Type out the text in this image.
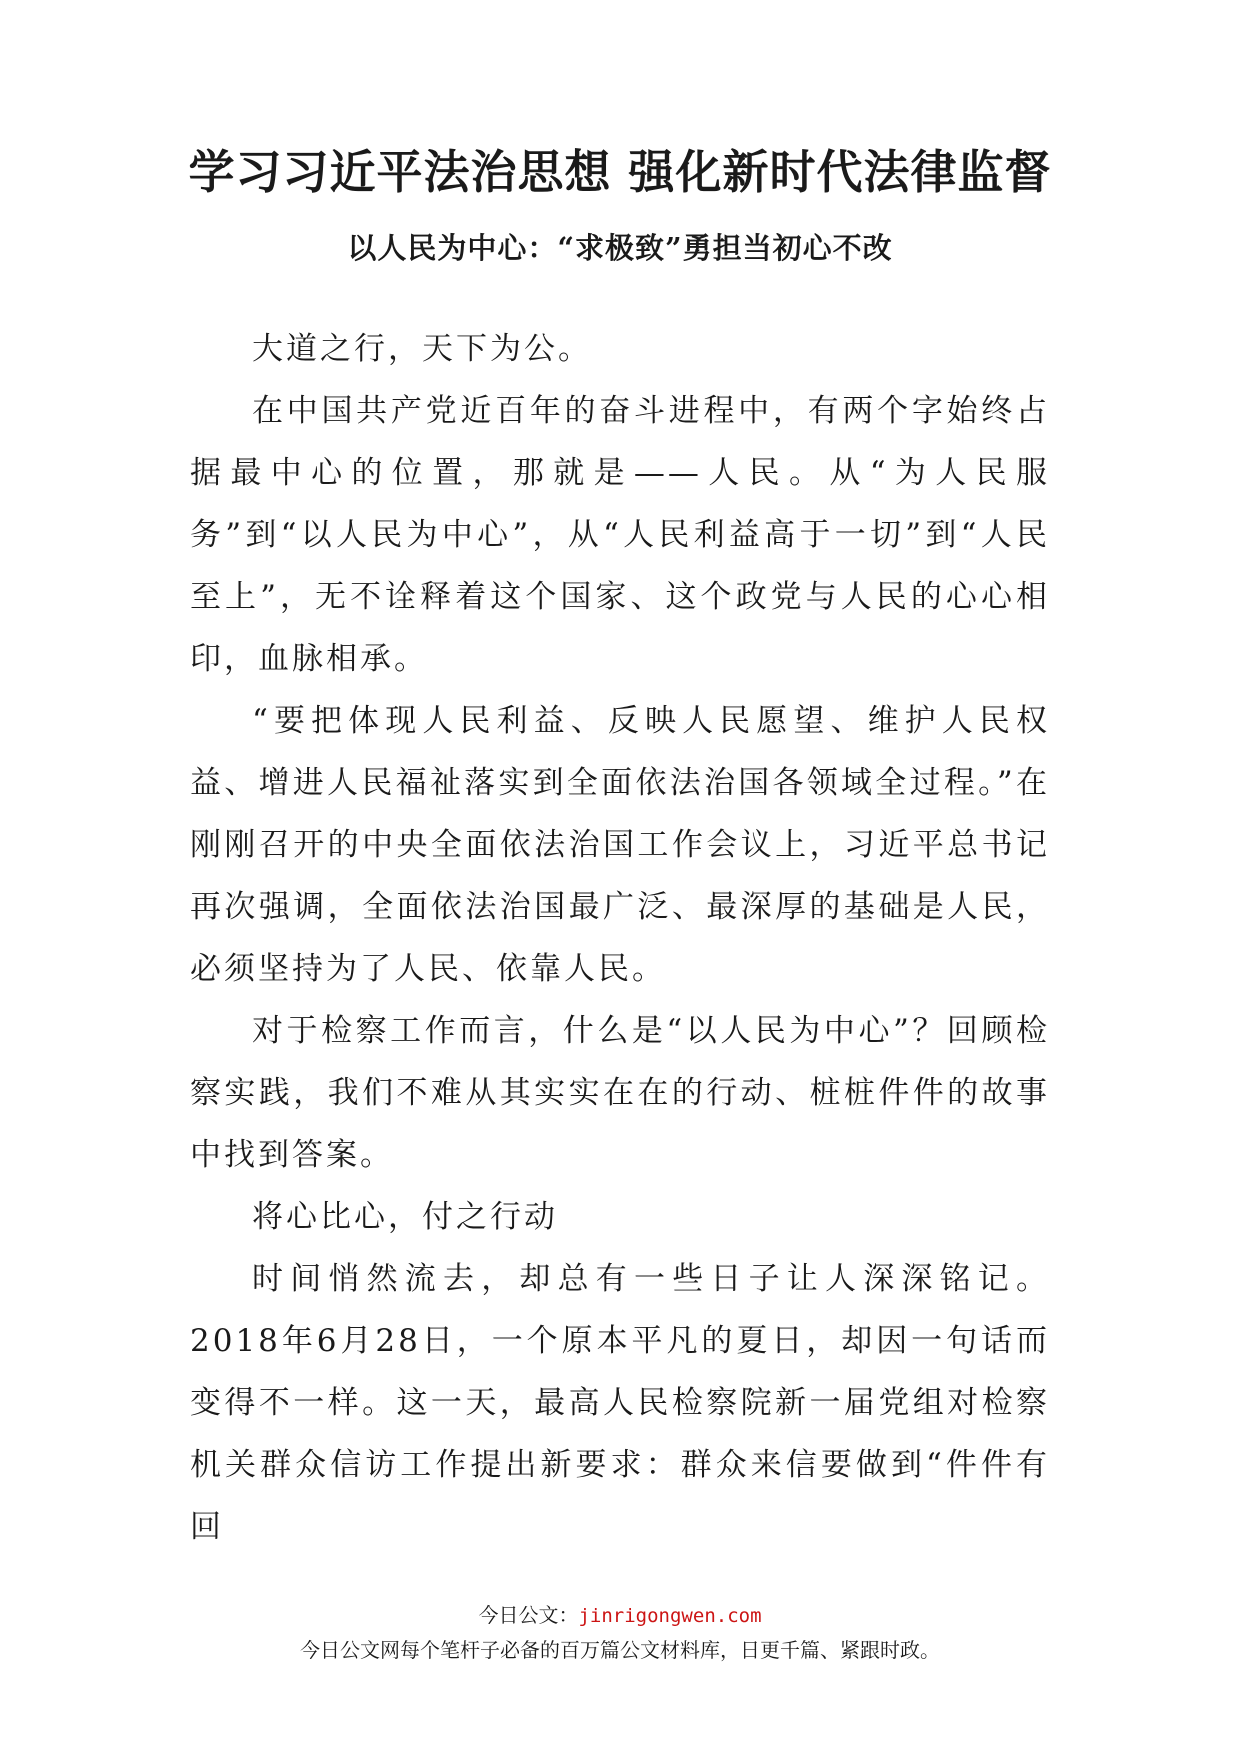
学习习近平法治思想 强化新时代法律监督
以人民为中心：“求极致”勇担当初心不改

大道之行，天下为公。

在中国共产党近百年的奋斗进程中，有两个字始终占据最中心的位置，那就是——人民。从“为人民服务”到“以人民为中心”，从“人民利益高于一切”到“人民至上”，无不诠释着这个国家、这个政党与人民的心心相印，血脉相承。

“要把体现人民利益、反映人民愿望、维护人民权益、增进人民福祉落实到全面依法治国各领域全过程。”在刚刚召开的中央全面依法治国工作会议上，习近平总书记再次强调，全面依法治国最广泛、最深厚的基础是人民，必须坚持为了人民、依靠人民。

对于检察工作而言，什么是“以人民为中心”？回顾检察实践，我们不难从其实实在在的行动、桩桩件件的故事中找到答案。

将心比心，付之行动

时间悄然流去，却总有一些日子让人深深铭记。2018年6月28日，一个原本平凡的夏日，却因一句话而变得不一样。这一天，最高人民检察院新一届党组对检察机关群众信访工作提出新要求：群众来信要做到“件件有回

今日公文：jinrigongwen.com

今日公文网每个笔杆子必备的百万篇公文材料库，日更千篇、紧跟时政。
